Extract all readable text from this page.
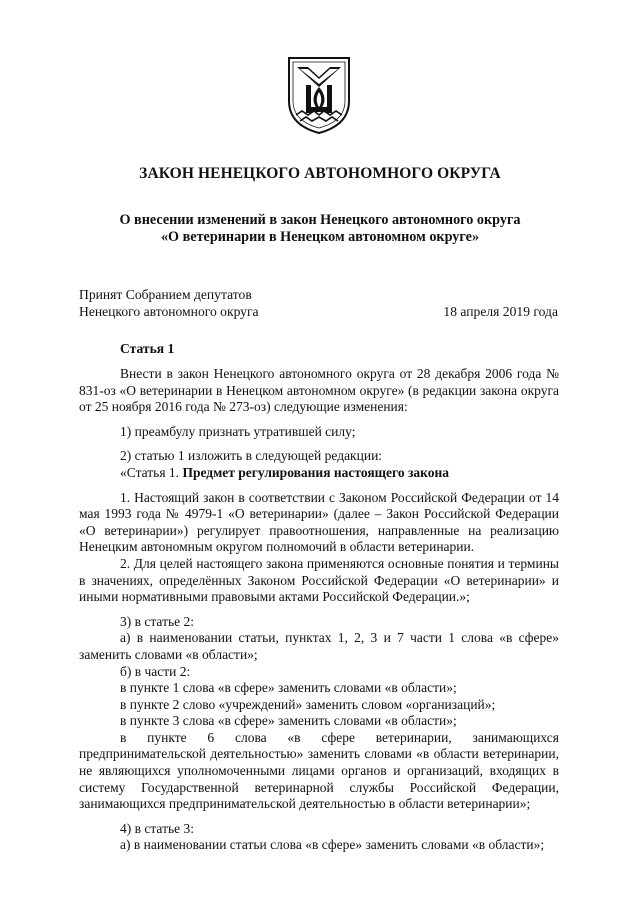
ЗАКОН НЕНЕЦКОГО АВТОНОМНОГО ОКРУГА
О внесении изменений в закон Ненецкого автономного округа
«О ветеринарии в Ненецком автономном округе»
Принят Собранием депутатов
Ненецкого автономного округа	18 апреля 2019 года
Статья 1

Внести в закон Ненецкого автономного округа от 28 декабря 2006 года № 831-оз «О ветеринарии в Ненецком автономном округе» (в редакции закона округа от 25 ноября 2016 года № 273-оз) следующие изменения:

1) преамбулу признать утратившей силу;

2) статью 1 изложить в следующей редакции:

«Статья 1. Предмет регулирования настоящего закона

1. Настоящий закон в соответствии с Законом Российской Федерации от 14 мая 1993 года № 4979-1 «О ветеринарии» (далее – Закон Российской Федерации «О ветеринарии») регулирует правоотношения, направленные на реализацию Ненецким автономным округом полномочий в области ветеринарии.

2. Для целей настоящего закона применяются основные понятия и термины в значениях, определённых Законом Российской Федерации «О ветеринарии» и иными нормативными правовыми актами Российской Федерации.»;

3) в статье 2:

а) в наименовании статьи, пунктах 1, 2, 3 и 7 части 1 слова «в сфере» заменить словами «в области»;

б) в части 2:

в пункте 1 слова «в сфере» заменить словами «в области»;

в пункте 2 слово «учреждений» заменить словом «организаций»;

в пункте 3 слова «в сфере» заменить словами «в области»;

в пункте 6 слова «в сфере ветеринарии, занимающихся предпринимательской деятельностью» заменить словами «в области ветеринарии, не являющихся уполномоченными лицами органов и организаций, входящих в систему Государственной ветеринарной службы Российской Федерации, занимающихся предпринимательской деятельностью в области ветеринарии»;

4) в статье 3:

а) в наименовании статьи слова «в сфере» заменить словами «в области»;
